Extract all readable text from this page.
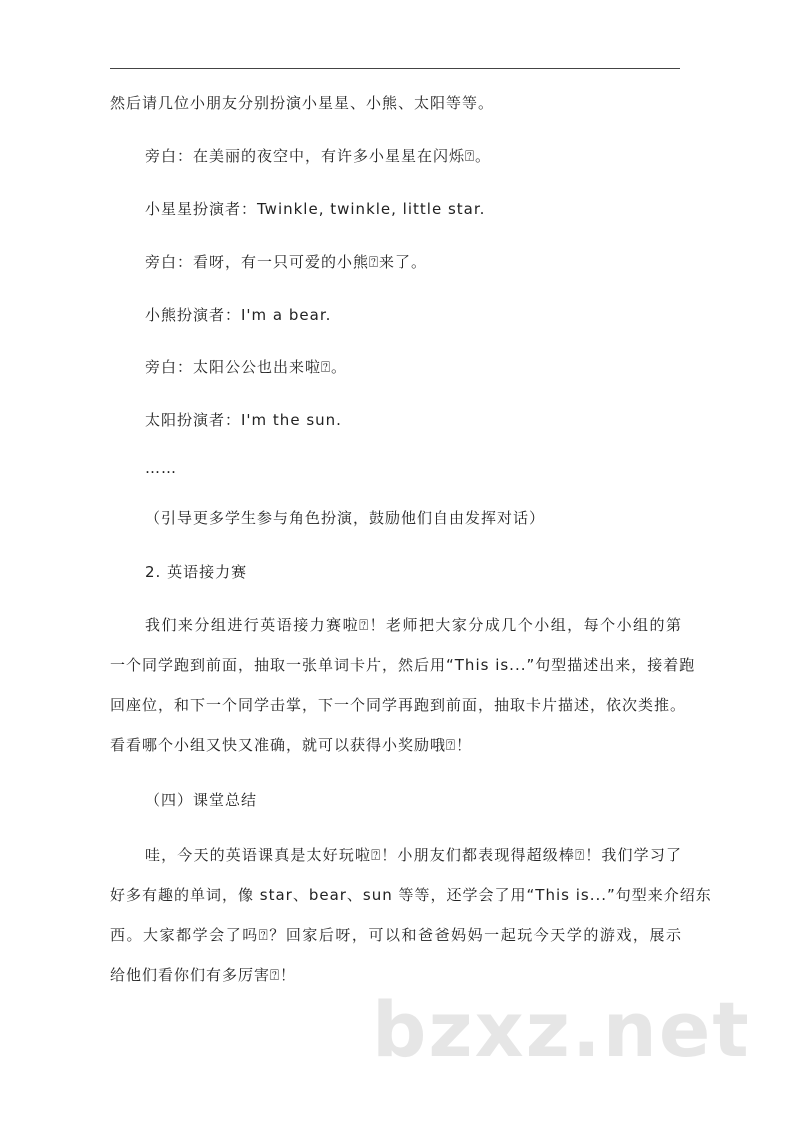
然后请几位小朋友分别扮演小星星、小熊、太阳等等。
旁白：在美丽的夜空中，有许多小星星在闪烁⍰。
小星星扮演者：Twinkle, twinkle, little star.
旁白：看呀，有一只可爱的小熊⍰来了。
小熊扮演者：I'm a bear.
旁白：太阳公公也出来啦⍰。
太阳扮演者：I'm the sun.
……
（引导更多学生参与角色扮演，鼓励他们自由发挥对话）
2. 英语接力赛
我们来分组进行英语接力赛啦⍰！老师把大家分成几个小组，每个小组的第
一个同学跑到前面，抽取一张单词卡片，然后用“This is...”句型描述出来，接着跑
回座位，和下一个同学击掌，下一个同学再跑到前面，抽取卡片描述，依次类推。
看看哪个小组又快又准确，就可以获得小奖励哦⍰！
（四）课堂总结
哇，今天的英语课真是太好玩啦⍰！小朋友们都表现得超级棒⍰！我们学习了
好多有趣的单词，像 star、bear、sun 等等，还学会了用“This is...”句型来介绍东
西。大家都学会了吗⍰？回家后呀，可以和爸爸妈妈一起玩今天学的游戏，展示
给他们看你们有多厉害⍰！
bzxz.net
